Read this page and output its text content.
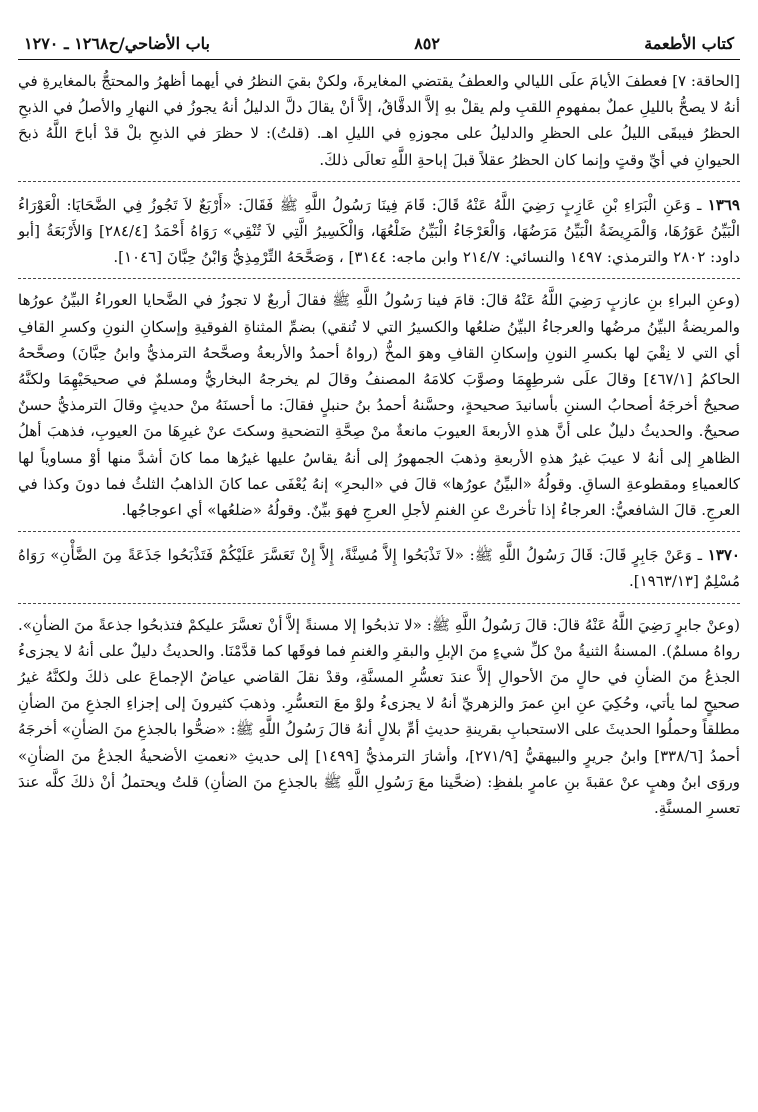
كتاب الأطعمة
٨٥٢
باب الأضاحي/ح١٢٦٨ ـ ١٢٧٠

[الحاقة: ٧] فعطفَ الأيامَ علَى الليالي والعطفُ يقتضي المغايرةَ، ولكنْ بقيَ النظرُ في أيهما أظهرُ والمحتجُّ بالمغايرةِ في أنهُ لا يصحُّ بالليلِ عملٌ بمفهومِ اللقبِ ولم يقلْ بهِ إلاَّ الدقَّاقُ، إلاَّ أنْ يقالَ دلَّ الدليلُ أنهُ يجوزُ في النهارِ والأصلُ في الذبحِ الحظرُ فيبقَى الليلُ على الحظرِ والدليلُ على مجوزهِ في الليلِ اهـ. (قلتُ): لا حظرَ في الذبحِ بلْ قدْ أباحَ اللَّهُ ذبحَ الحيوانِ في أيِّ وقتٍ وإنما كان الحظرُ عقلاً قبلَ إباحةِ اللَّهِ تعالَى ذلكَ.

١٣٦٩ ـ وَعَنِ الْبَرَاءِ بْنِ عَازِبٍ رَضِيَ اللَّهُ عَنْهُ قَالَ: قَامَ فِينَا رَسُولُ اللَّهِ ﷺ فَقَالَ: «أَرْبَعٌ لاَ تَجُوزُ فِي الضَّحَايَا: الْعَوْرَاءُ الْبَيِّنُ عَوَرُهَا، وَالْمَرِيضَةُ الْبَيِّنُ مَرَضُهَا، وَالْعَرْجَاءُ الْبَيِّنُ ضَلْعُهَا، وَالْكَسِيرُ الَّتِي لاَ تُنْقِي» رَوَاهُ أَحْمَدُ [٢٨٤/٤] وَالأَرْبَعَةُ [أبو داود: ٢٨٠٢ والترمذي: ١٤٩٧ والنسائي: ٢١٤/٧ وابن ماجه: ٣١٤٤] ، وَصَحَّحَهُ التِّرْمِذِيُّ وَابْنُ حِبَّانَ [١٠٤٦].

(وعنِ البراءِ بنِ عازبٍ رَضِيَ اللَّهُ عَنْهُ قالَ: قامَ فينا رَسُولُ اللَّهِ ﷺ فقالَ أربعٌ لا تجوزُ في الضَّحايا العوراءُ البيِّنُ عورُها والمريضةُ البيِّنُ مرضُها والعرجاءُ البيِّنُ ضلعُها والكسيرُ التي لا تُنقي) بضمِّ المثناةِ الفوقيةِ وإسكانِ النونِ وكسرِ القافِ أي التي لا نِقْيَ لها بكسرِ النونِ وإسكانِ القافِ وهوَ المخُّ (رواهُ أحمدُ والأربعةُ وصحَّحهُ الترمذيُّ وابنُ حِبَّانَ) وصحَّحهُ الحاكمُ [٤٦٧/١] وقالَ علَى شرطِهِمَا وصوَّبَ كلامَهُ المصنفُ وقالَ لم يخرجهُ البخاريُّ ومسلمٌ في صحيحَيْهِمَا ولكنَّهُ صحيحٌ أخرجَهُ أصحابُ السننِ بأسانيدَ صحيحةٍ، وحسَّنهُ أحمدُ بنُ حنبلٍ فقالَ: ما أحسنَهُ منْ حديثٍ وقالَ الترمذيُّ حسنٌ صحيحٌ. والحديثُ دليلٌ على أنَّ هذهِ الأربعةَ العيوبَ مانعةٌ منْ صِحَّةِ التضحيةِ وسكتَ عنْ غيرِهَا منَ العيوبِ، فذهبَ أهلُ الظاهرِ إلى أنهُ لا عيبَ غيرُ هذهِ الأربعةِ وذهبَ الجمهورُ إلى أنهُ يقاسُ عليها غيرُها مما كانَ أشدَّ منها أوْ مساوياً لها كالعمياءِ ومقطوعةِ الساقِ. وقولُهُ «البيِّنُ عورُها» قالَ في «البحرِ» إنهُ يُعْفَى عما كانَ الذاهبُ الثلثُ فما دونَ وكذا في العرجِ. قالَ الشافعيُّ: العرجاءُ إذا تأخرتْ عنِ الغنمِ لأجلِ العرجِ فهوَ بيِّنٌ. وقولُهُ «ضلعُها» أي اعوجاجُها.

١٣٧٠ ـ وَعَنْ جَابِرٍ قَالَ: قَالَ رَسُولُ اللَّهِ ﷺ: «لاَ تَذْبَحُوا إِلاَّ مُسِنَّةً، إِلاَّ إِنْ تَعَسَّرَ عَلَيْكُمْ فَتَذْبَحُوا جَذَعَةً مِنَ الضَّأْنِ» رَوَاهُ مُسْلِمٌ [١٩٦٣/١٣].

(وعنْ جابرٍ رَضِيَ اللَّهُ عَنْهُ قالَ: قالَ رَسُولُ اللَّهِ ﷺ: «لا تذبحُوا إلا مسنةً إلاَّ أنْ تعسَّرَ عليكمْ فتذبحُوا جذعةً منَ الضأنِ». رواهُ مسلمٌ). المسنةُ الثنيةُ منْ كلِّ شيءٍ منَ الإبلِ والبقرِ والغنمِ فما فوقَها كما قدَّمْنَا. والحديثُ دليلٌ على أنهُ لا يجزىءُ الجذعُ منَ الضأنِ في حالٍ منَ الأحوالِ إلاَّ عندَ تعسُّرِ المسنَّةِ، وقدْ نقلَ القاضي عياضٌ الإجماعَ على ذلكَ ولكنَّهُ غيرُ صحيحٍ لما يأتي، وحُكِيَ عنِ ابنِ عمرَ والزهريِّ أنهُ لا يجزىءُ ولوْ معَ التعسُّرِ. وذهبَ كثيرونَ إلى إجزاءِ الجذعِ منَ الضأنِ مطلقاً وحملُوا الحديثَ على الاستحبابِ بقرينةِ حديثِ أمِّ بلالٍ أنهُ قالَ رَسُولُ اللَّهِ ﷺ: «ضحُّوا بالجذعِ منَ الضأنِ» أخرجَهُ أحمدُ [٣٣٨/٦] وابنُ جريرٍ والبيهقيُّ [٢٧١/٩]، وأشارَ الترمذيُّ [١٤٩٩] إلى حديثِ «نعمتِ الأضحيةُ الجذعُ منَ الضأنِ» وروَى ابنُ وهبٍ عنْ عقبةَ بنِ عامرٍ بلفظِ: (ضحَّينا معَ رَسُولِ اللَّهِ ﷺ بالجذعِ منَ الضأنِ) قلتُ ويحتملُ أنْ ذلكَ كلَّه عندَ تعسرِ المسنَّةِ.
